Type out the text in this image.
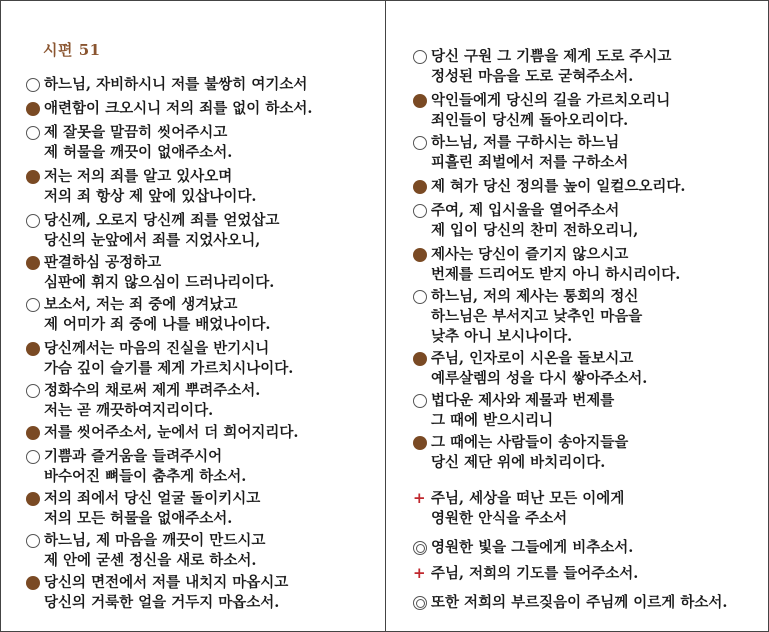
시편 51
하느님, 자비하시니 저를 불쌍히 여기소서
애련함이 크오시니 저의 죄를 없이 하소서.
제 잘못을 말끔히 씻어주시고
제 허물을 깨끗이 없애주소서.
저는 저의 죄를 알고 있사오며
저의 죄 항상 제 앞에 있삽나이다.
당신께, 오로지 당신께 죄를 얻었삽고
당신의 눈앞에서 죄를 지었사오니,
판결하심 공정하고
심판에 휘지 않으심이 드러나리이다.
보소서, 저는 죄 중에 생겨났고
제 어미가 죄 중에 나를 배었나이다.
당신께서는 마음의 진실을 반기시니
가슴 깊이 슬기를 제게 가르치시나이다.
정화수의 채로써 제게 뿌려주소서.
저는 곧 깨끗하여지리이다.
저를 씻어주소서, 눈에서 더 희어지리다.
기쁨과 즐거움을 들려주시어
바수어진 뼈들이 춤추게 하소서.
저의 죄에서 당신 얼굴 돌이키시고
저의 모든 허물을 없애주소서.
하느님, 제 마음을 깨끗이 만드시고
제 안에 굳센 정신을 새로 하소서.
당신의 면전에서 저를 내치지 마옵시고
당신의 거룩한 얼을 거두지 마옵소서.
당신 구원 그 기쁨을 제게 도로 주시고
정성된 마음을 도로 굳혀주소서.
악인들에게 당신의 길을 가르치오리니
죄인들이 당신께 돌아오리이다.
하느님, 저를 구하시는 하느님
피흘린 죄벌에서 저를 구하소서
제 혀가 당신 정의를 높이 일컬으오리다.
주여, 제 입시울을 열어주소서
제 입이 당신의 찬미 전하오리니,
제사는 당신이 즐기지 않으시고
번제를 드리어도 받지 아니 하시리이다.
하느님, 저의 제사는 통회의 정신
하느님은 부서지고 낮추인 마음을
낮추 아니 보시나이다.
주님, 인자로이 시온을 돌보시고
예루살렘의 성을 다시 쌓아주소서.
법다운 제사와 제물과 번제를
그 때에 받으시리니
그 때에는 사람들이 송아지들을
당신 제단 위에 바치리이다.
+ 주님, 세상을 떠난 모든 이에게
영원한 안식을 주소서
영원한 빛을 그들에게 비추소서.
+ 주님, 저희의 기도를 들어주소서.
또한 저희의 부르짖음이 주님께 이르게 하소서.
